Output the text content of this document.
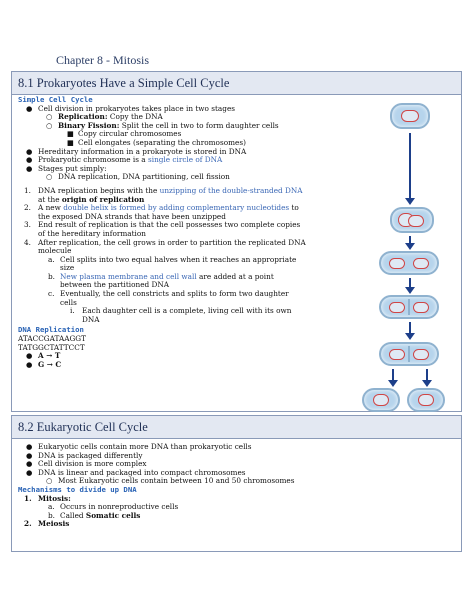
Chapter 8 - Mitosis
8.1 Prokaryotes Have a Simple Cell Cycle
Simple Cell Cycle
● Cell division in prokaryotes takes place in two stages
○ Replication: Copy the DNA
○ Binary Fission: Split the cell in two to form daughter cells
■ Copy circular chromosomes
■ Cell elongates (separating the chromosomes)
● Hereditary information in a prokaryote is stored in DNA
● Prokaryotic chromosome is a single circle of DNA
● Stages put simply:
○ DNA replication, DNA partitioning, cell fission
1. DNA replication begins with the unzipping of the double-stranded DNA
at the origin of replication
2. A new double helix is formed by adding complementary nucleotides to
the exposed DNA strands that have been unzipped
3. End result of replication is that the cell possesses two complete copies
of the hereditary information
4. After replication, the cell grows in order to partition the replicated DNA
molecule
a. Cell splits into two equal halves when it reaches an appropriate
size
b. New plasma membrane and cell wall are added at a point
between the partitioned DNA
c. Eventually, the cell constricts and splits to form two daughter
cells
i. Each daughter cell is a complete, living cell with its own
DNA
DNA Replication
ATACCGATAAGGT
TATGGCTATTCCT
● A → T
● G → C
8.2 Eukaryotic Cell Cycle
● Eukaryotic cells contain more DNA than prokaryotic cells
● DNA is packaged differently
● Cell division is more complex
● DNA is linear and packaged into compact chromosomes
○ Most Eukaryotic cells contain between 10 and 50 chromosomes
Mechanisms to divide up DNA
1. Mitosis:
a. Occurs in nonreproductive cells
b. Called Somatic cells
2. Meiosis
